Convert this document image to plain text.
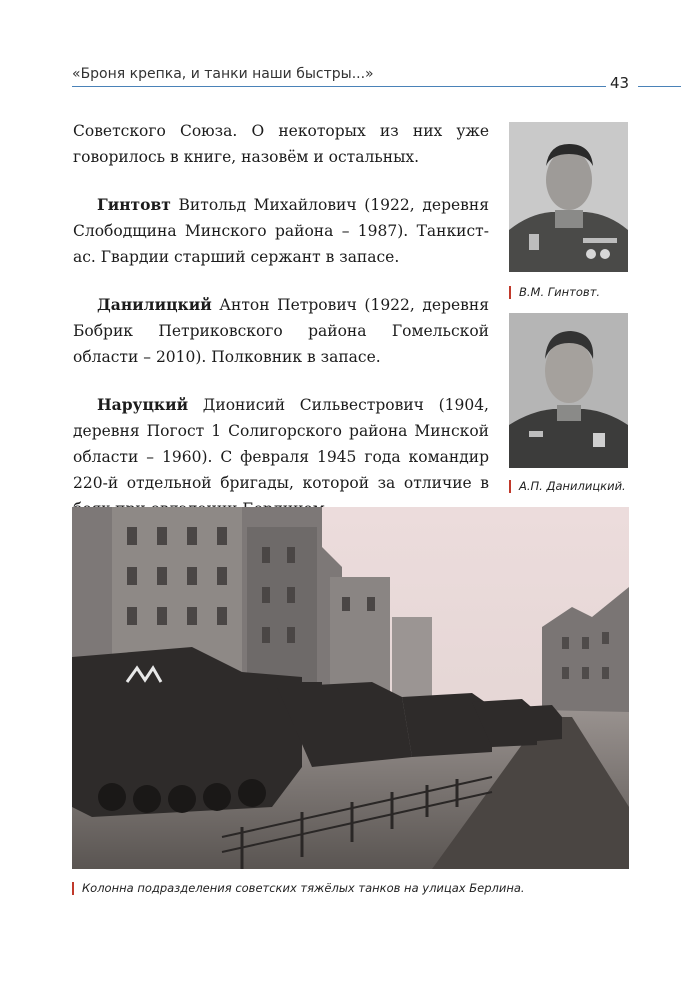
«Броня крепка, и танки наши быстры...»	43

Советского Союза. О некоторых из них уже говорилось в книге, назовём и остальных.

Гинтовт Витольд Михайлович (1922, деревня Слободщина Минского района – 1987). Танкист-ас. Гвардии старший сержант в запасе.

Данилицкий Антон Петрович (1922, деревня Бобрик Петриковского района Гомельской области – 2010). Полковник в запасе.

Наруцкий Дионисий Сильвестрович (1904, деревня Погост 1 Солигорского района Минской области – 1960). С февраля 1945 года командир 220-й отдельной бригады, которой за отличие в

В.М. Гинтовт.
А.П. Данилицкий.
Колонна подразделения советских тяжёлых танков на улицах Берлина.
